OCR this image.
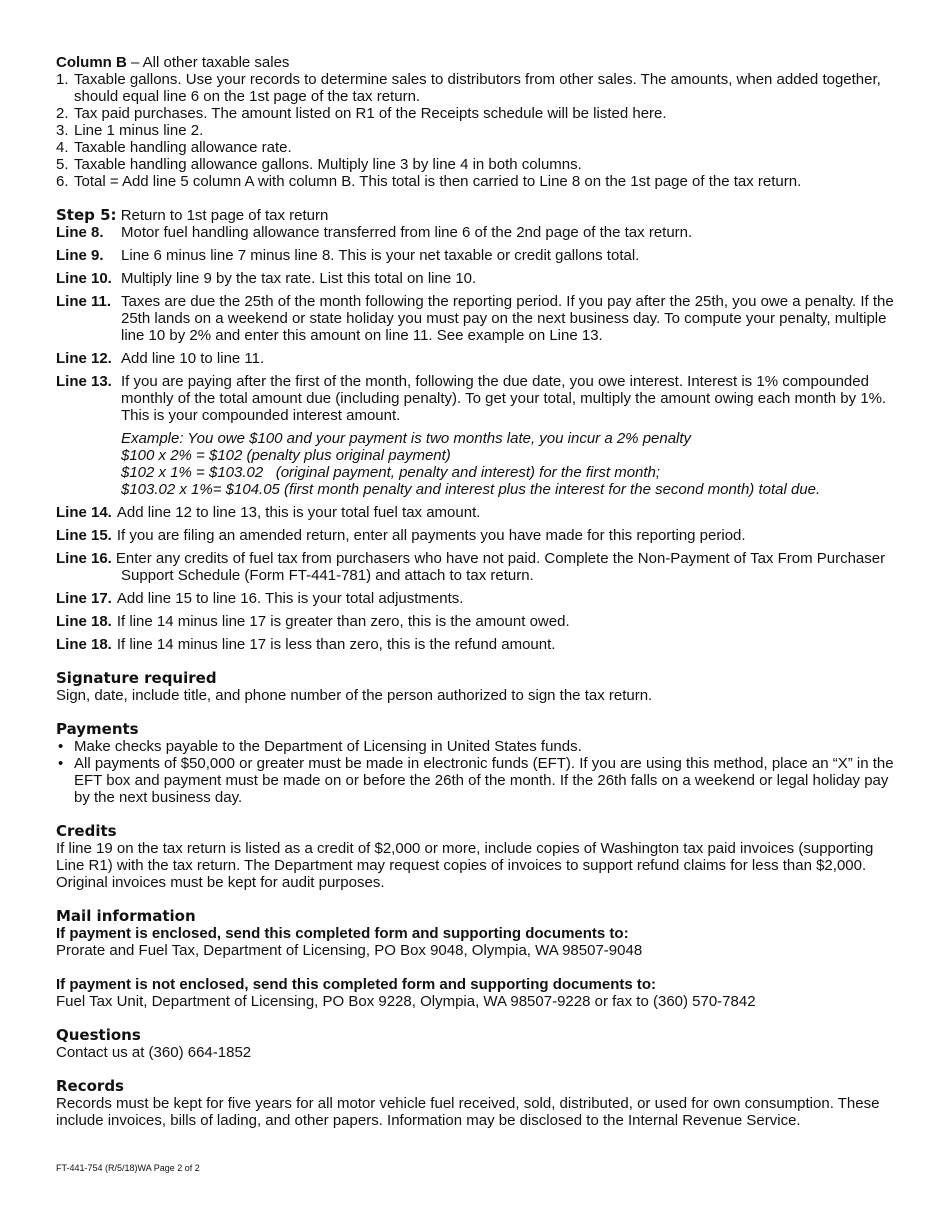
Column B – All other taxable sales

1. Taxable gallons. Use your records to determine sales to distributors from other sales. The amounts, when added together, should equal line 6 on the 1st page of the tax return.
2. Tax paid purchases. The amount listed on R1 of the Receipts schedule will be listed here.
3. Line 1 minus line 2.
4. Taxable handling allowance rate.
5. Taxable handling allowance gallons. Multiply line 3 by line 4 in both columns.
6. Total = Add line 5 column A with column B. This total is then carried to Line 8 on the 1st page of the tax return.

Step 5: Return to 1st page of tax return

Line 8.	Motor fuel handling allowance transferred from line 6 of the 2nd page of the tax return.
Line 9.	Line 6 minus line 7 minus line 8. This is your net taxable or credit gallons total.
Line 10. Multiply line 9 by the tax rate. List this total on line 10.
Line 11. Taxes are due the 25th of the month following the reporting period. If you pay after the 25th, you owe a penalty. If the 25th lands on a weekend or state holiday you must pay on the next business day. To compute your penalty, multiple line 10 by 2% and enter this amount on line 11. See example on Line 13.
Line 12. Add line 10 to line 11.
Line 13. If you are paying after the first of the month, following the due date, you owe interest. Interest is 1% compounded monthly of the total amount due (including penalty). To get your total, multiply the amount owing each month by 1%. This is your compounded interest amount.

Example: You owe $100 and your payment is two months late, you incur a 2% penalty

$100 x 2% = $102 (penalty plus original payment)

$102 x 1% = $103.02   (original payment, penalty and interest) for the first month;

$103.02 x 1%= $104.05 (first month penalty and interest plus the interest for the second month) total due.

Line 14. Add line 12 to line 13, this is your total fuel tax amount.
Line 15. If you are filing an amended return, enter all payments you have made for this reporting period.
Line 16. Enter any credits of fuel tax from purchasers who have not paid. Complete the Non-Payment of Tax From Purchaser Support Schedule (Form FT-441-781) and attach to tax return.
Line 17. Add line 15 to line 16. This is your total adjustments.
Line 18. If line 14 minus line 17 is greater than zero, this is the amount owed.
Line 18. If line 14 minus line 17 is less than zero, this is the refund amount.

Signature required

Sign, date, include title, and phone number of the person authorized to sign the tax return.

Payments

• Make checks payable to the Department of Licensing in United States funds.
• All payments of $50,000 or greater must be made in electronic funds (EFT). If you are using this method, place an “X” in the EFT box and payment must be made on or before the 26th of the month. If the 26th falls on a weekend or legal holiday pay by the next business day.

Credits

If line 19 on the tax return is listed as a credit of $2,000 or more, include copies of Washington tax paid invoices (supporting Line R1) with the tax return. The Department may request copies of invoices to support refund claims for less than $2,000. Original invoices must be kept for audit purposes.

Mail information

If payment is enclosed, send this completed form and supporting documents to:

Prorate and Fuel Tax, Department of Licensing, PO Box 9048, Olympia, WA 98507-9048

If payment is not enclosed, send this completed form and supporting documents to:

Fuel Tax Unit, Department of Licensing, PO Box 9228, Olympia, WA 98507-9228 or fax to (360) 570-7842

Questions

Contact us at (360) 664-1852

Records

Records must be kept for five years for all motor vehicle fuel received, sold, distributed, or used for own consumption. These include invoices, bills of lading, and other papers. Information may be disclosed to the Internal Revenue Service.

FT-441-754 (R/5/18)WA Page 2 of 2
